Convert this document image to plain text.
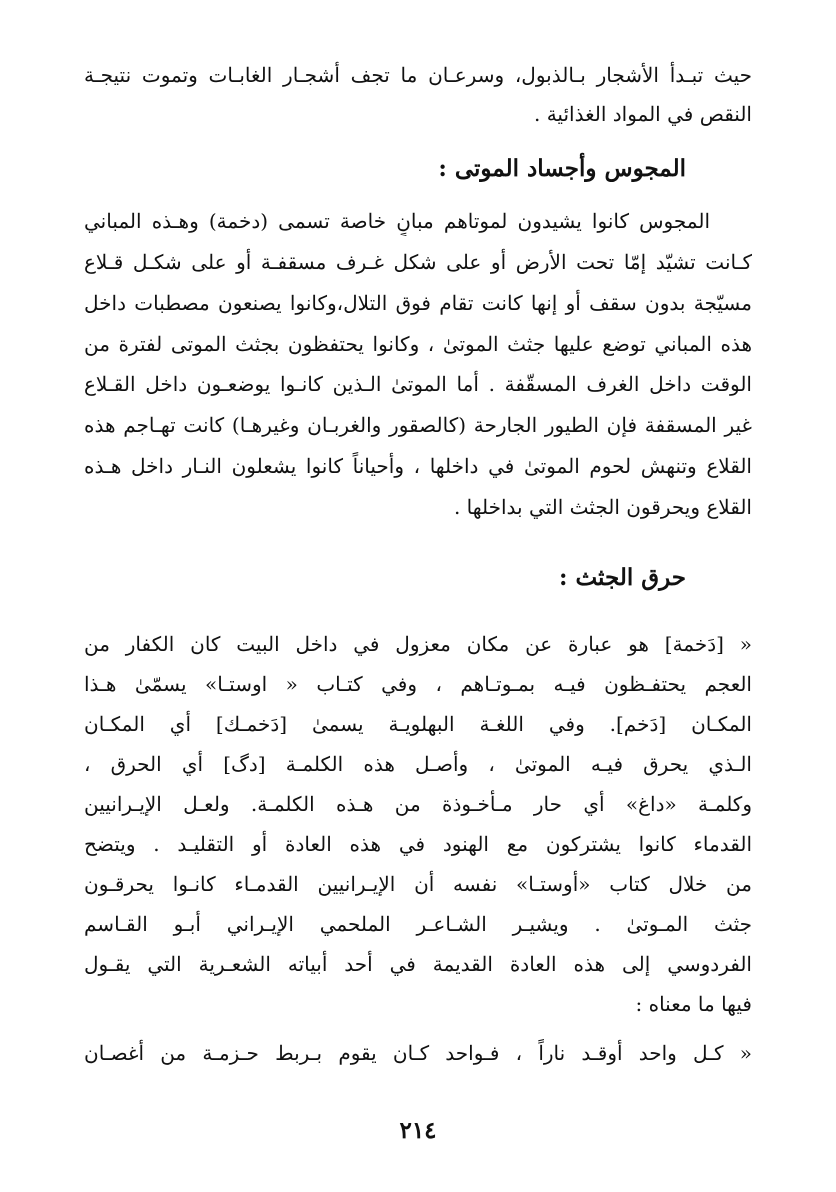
حيث تبـدأ الأشجار بـالذبول، وسرعـان ما تجف أشجـار الغابـات وتموت نتيجـة
النقص في المواد الغذائية .
المجوس وأجساد الموتى :
المجوس كانوا يشيدون لموتاهم مبانٍ خاصة تسمى (دخمة) وهـذه المباني
كـانت تشيّد إمّا تحت الأرض أو على شكل غـرف مسقفـة أو على شكـل قـلاع
مسيّجة بدون سقف أو إنها كانت تقام فوق التلال،وكانوا يصنعون مصطبات داخل
هذه المباني توضع عليها جثث الموتىٰ ، وكانوا يحتفظون بجثث الموتى لفترة من
الوقت داخل الغرف المسقّفة . أما الموتىٰ الـذين كانـوا يوضعـون داخل القـلاع
غير المسقفة فإن الطيور الجارحة (كالصقور والغربـان وغيرهـا) كانت تهـاجم هذه
القلاع وتنهش لحوم الموتىٰ في داخلها ، وأحياناً كانوا يشعلون النـار داخل هـذه
القلاع ويحرقون الجثث التي بداخلها .
حرق الجثث :
« [دَخمة] هو عبارة عن مكان معزول في داخل البيت كان الكفار من
العجم يحتفـظون فيـه بمـوتـاهم ، وفي كتـاب « اوستـا» يسمّىٰ هـذا
المكـان [دَخم]. وفي اللغـة البهلويـة يسمىٰ [دَخمـك] أي المكـان
الـذي يحرق فيـه الموتىٰ ، وأصـل هذه الكلمـة [دگ] أي الحرق ،
وكلمـة «داغ» أي حار مـأخـوذة من هـذه الكلمـة. ولعـل الإيـرانيين
القدماء كانوا يشتركون مع الهنود في هذه العادة أو التقليـد . ويتضح
من خلال كتاب «أوستـا» نفسه أن الإيـرانيين القدمـاء كانـوا يحرقـون
جثث المـوتىٰ . ويشيـر الشـاعـر الملحمي الإيـراني أبـو القـاسم
الفردوسي إلى هذه العادة القديمة في أحد أبياته الشعـرية التي يقـول
فيها ما معناه :
« كـل واحد أوقـد ناراً ، فـواحد كـان يقوم بـربط حـزمـة من أغصـان
٢١٤
